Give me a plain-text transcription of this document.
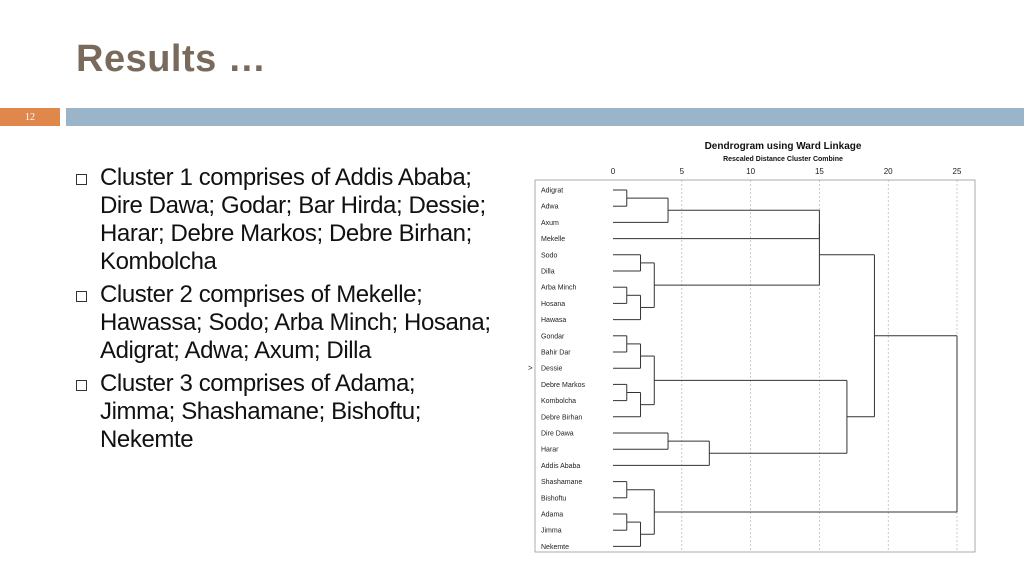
Results …
12
Cluster 1 comprises of Addis Ababa; Dire Dawa; Godar; Bar Hirda; Dessie; Harar; Debre Markos; Debre Birhan; Kombolcha
Cluster 2 comprises of Mekelle; Hawassa; Sodo; Arba Minch; Hosana; Adigrat; Adwa; Axum; Dilla
Cluster 3 comprises of Adama; Jimma; Shashamane; Bishoftu; Nekemte
Dendrogram using Ward Linkage
Rescaled Distance Cluster Combine
0	5	10	15	20	25
Adigrat
Adwa
Axum
Mekelle
Sodo
Dilla
Arba Minch
Hosana
Hawasa
Gondar
Bahir Dar
Dessie
>
Debre Markos
Kombolcha
Debre Birhan
Dire Dawa
Harar
Addis Ababa
Shashamane
Bishoftu
Adama
Jimma
Nekemte
